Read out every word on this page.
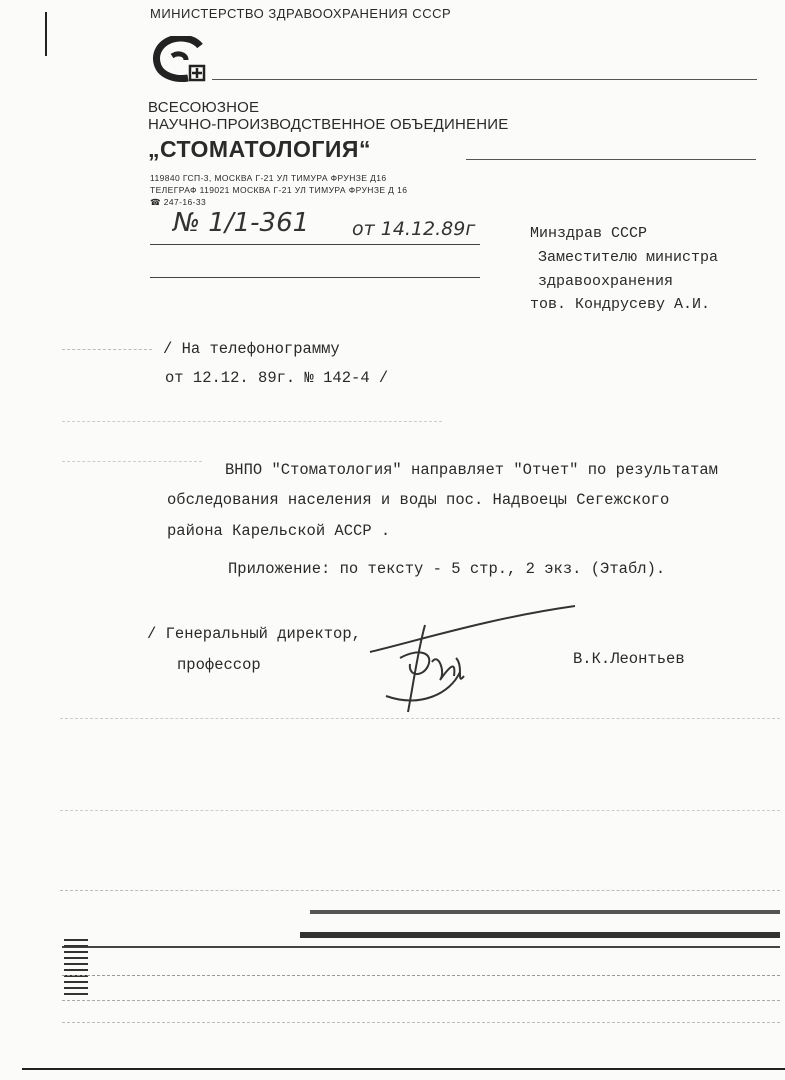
МИНИСТЕРСТВО ЗДРАВООХРАНЕНИЯ СССР
ВСЕСОЮЗНОЕ
НАУЧНО-ПРОИЗВОДСТВЕННОЕ ОБЪЕДИНЕНИЕ
„СТОМАТОЛОГИЯ“
119840 ГСП-3, МОСКВА Г-21 УЛ ТИМУРА ФРУНЗЕ Д16
ТЕЛЕГРАФ 119021 МОСКВА Г-21 УЛ ТИМУРА ФРУНЗЕ Д 16
☎ 247-16-33
№ 1/1-361 от 14.12.89г	Минздрав СССР
Заместителю министра
здравоохранения
тов. Кондрусеву А.И.
/ На телефонограмму
от 12.12. 89г. № 142-4 /
ВНПО "Стоматология" направляет "Отчет" по результатам
обследования населения и воды пос. Надвоецы Сегежского
района Карельской АССР .
Приложение: по тексту - 5 стр., 2 экз. (Этабл).
/ Генеральный директор,
профессор	В.К.Леонтьев
